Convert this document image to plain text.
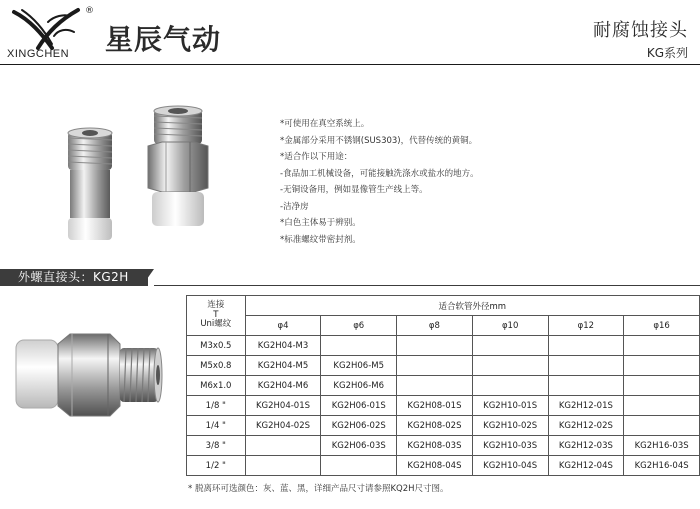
®
XINGCHEN 星辰气动	耐腐蚀接头
KG系列
*可使用在真空系统上。
*金属部分采用不锈钢(SUS303)，代替传统的黄铜。
*适合作以下用途：
-食品加工机械设备，可能接触洗涤水或盐水的地方。
-无铜设备用，例如显像管生产线上等。
-洁净房
*白色主体易于辨别。
*标准螺纹带密封剂。
外螺直接头：KG2H
连接
T
Uni螺纹	适合软管外径mm					
	φ4	φ6	φ8	φ10	φ12	φ16
M3x0.5	KG2H04-M3					
M5x0.8	KG2H04-M5	KG2H06-M5				
M6x1.0	KG2H04-M6	KG2H06-M6				
1/8 "	KG2H04-01S	KG2H06-01S	KG2H08-01S	KG2H10-01S	KG2H12-01S	
1/4 "	KG2H04-02S	KG2H06-02S	KG2H08-02S	KG2H10-02S	KG2H12-02S	
3/8 "		KG2H06-03S	KG2H08-03S	KG2H10-03S	KG2H12-03S	KG2H16-03S
1/2 "			KG2H08-04S	KG2H10-04S	KG2H12-04S	KG2H16-04S
* 脱离环可选颜色：灰、蓝、黑，详细产品尺寸请参照KQ2H尺寸图。
